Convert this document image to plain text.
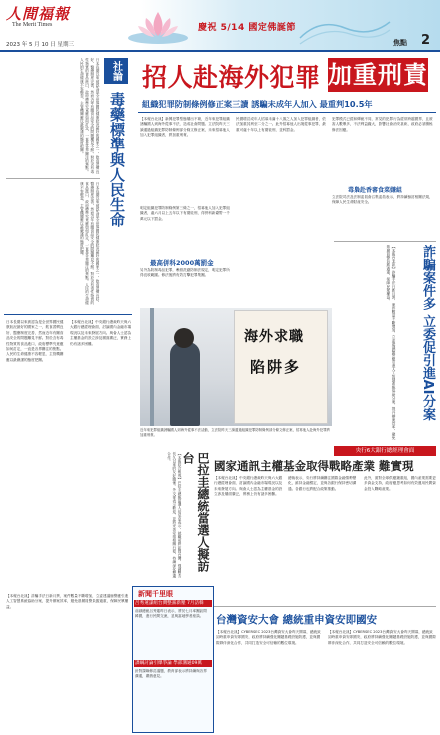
人間福報
The Merit Times
2023 年 5 月 10 日 星期三
慶祝 5/14 國定佛誕節
焦點 2
社論
毒藥標準與人民生命
日本長期以來被認為是全世界國民健康狀況最好的國家之一，飲食習慣良好、醫療制度完善，然而近年有關食品安全的問題屢見不鮮。對於含有毒性物質的食品進口，政府標準究竟應如何訂定，一直是各界關注的焦點。人民的生命健康不容輕忽，主管機關應以最嚴謹的態度把關。
日本長期以來被認為是全世界國民健康狀況最好的國家之一，飲食習慣良好、醫療制度完善，然而近年有關食品安全的問題屢見不鮮。對於含有毒性物質的食品進口，政府標準究竟應如何訂定，一直是各界關注的焦點。人民的生命健康不容輕忽，主管機關應以最嚴謹的態度把關。
招人赴海外犯罪 加重刑責
組織犯罪防制條例修正案三讀 誘騙未成年人加入 最重判10.5年
【本報台北訊】新興犯罪型態層出不窮，近年來犯罪組織誘騙國人到海外從事不法，造成社會問題。立法院昨天三讀通過組織犯罪防制條例部分條文修正案，未來招募他人加入犯罪組織者，將加重刑責。
民國增訂成年人招募未滿十八歲之人加入犯罪組織者，依法加重其刑至二分之一。此外招募他人出境從事犯罪，最重可處十年以上有期徒刑，並科罰金。
犯罪模式已經和傳統不同，常見的犯罪行為經常跨越國界，且被害人數眾多，不法利益龐大，影響社會治安甚鉅，政府必須積極修法因應。
毒梟赴香審食菜嫌組
立法院司法及法制委員會召集委員表示，將持續檢討相關法規，保障人民生命財產安全。
明定組織犯罪防制條例第三條之一，招募他人加入犯罪組織者，處六月以上五年以下有期徒刑，得併科新臺幣一千萬元以下罰金。
最高併科2000萬罰金
另外為防制毒品犯罪，參照洗錢防制法規定，明定犯罪所得沒收範圍。修法後將有效打擊犯罪集團。
海外求職
陷阱多
近年來犯罪組織誘騙國人到海外從事不法活動，立法院昨天三讀通過組織犯罪防制條例部分條文修正案，招募他人赴海外犯罪將加重刑責。
詐騙案件多 立委促引進AI分案
【本報台北訊】詐騙手法日新月異，案件數量不斷增加，立委建議檢警應引進人工智慧系統協助分案，提升辦案效率，避免基層員警負擔過重，保障民眾權益。
央行6大銀行總經理會面
巴拉圭總統當選人擬訪台
【本報綜合報導】巴拉圭總統當選人培尼亞表示，就職前將訪問台灣，強調雙方長久以來的友好關係。外交部表示歡迎，並將妥善安排相關行程，持續深化雙邊合作。
國家通訊主權基金取得戰略產業 難實現
【本報台北訊】中央銀行總裁昨天與六大銀行總經理會面，討論國內金融市場現況以及未來發展方向。與會人士認為主權基金的設立涉及層面廣泛，實務上仍有諸多困難。
總裁表示，央行將持續關注國際金融情勢變化，維持金融穩定，並與各銀行保持密切溝通。各銀行也將配合政策推動。
此外，面對全球供應鏈重組，國內產業需要更多資金支持，政府應思考如何有效運用民間資金投入戰略產業。
日本長期以來被認為是全世界國民健康狀況最好的國家之一，飲食習慣良好、醫療制度完善，然而近年有關食品安全的問題屢見不鮮。對於含有毒性物質的食品進口，政府標準究竟應如何訂定，一直是各界關注的焦點。人民的生命健康不容輕忽，主管機關應以最嚴謹的態度把關。
【本報台北訊】中央銀行總裁昨天與六大銀行總經理會面，討論國內金融市場現況以及未來發展方向。與會人士認為主權基金的設立涉及層面廣泛，實務上仍有諸多困難。
新聞千里眼
呂秀蓮謀組台灣整黨新壓 7月訪韓
前副總統呂秀蓮昨日表示，將於七月率團訪問韓國，進行民間交流，並與當地學者座談。
課綱討論引爆爭論 學部溝通09萬
針對課綱修訂議題，教育部表示將持續與各界溝通，廣納意見。
台灣資安大會 總統重申資安即國安
【本報台北訊】CYBERSEC 2023台灣資安大會昨天開幕，總統致詞時重申資安即國安，政府將持續強化關鍵基礎設施防護，並與國際夥伴深化合作，共同打造安全可信賴的數位環境。
【本報台北訊】CYBERSEC 2023台灣資安大會昨天開幕，總統致詞時重申資安即國安，政府將持續強化關鍵基礎設施防護，並與國際夥伴深化合作，共同打造安全可信賴的數位環境。
【本報台北訊】詐騙手法日新月異，案件數量不斷增加，立委建議檢警應引進人工智慧系統協助分案，提升辦案效率，避免基層員警負擔過重，保障民眾權益。
